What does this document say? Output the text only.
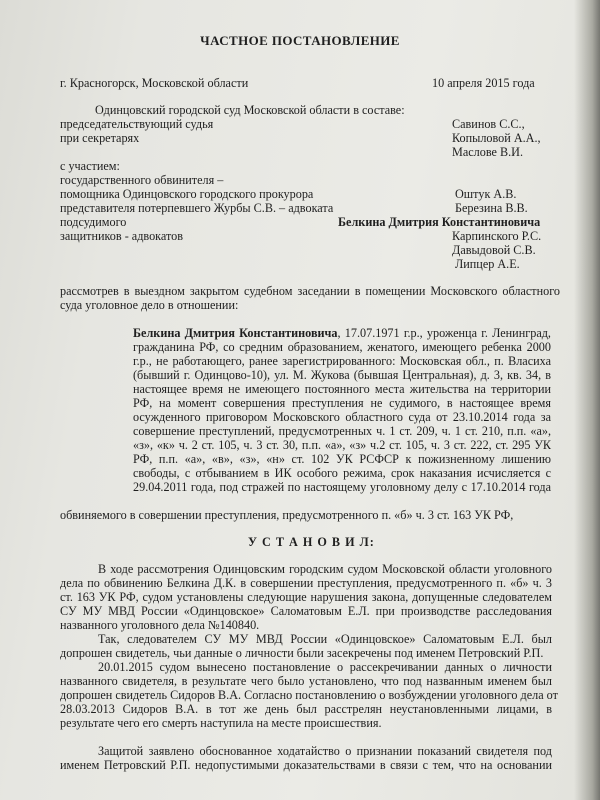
ЧАСТНОЕ ПОСТАНОВЛЕНИЕ
г. Красногорск, Московской области	10 апреля 2015 года
Одинцовский городской суд Московской области в составе:
председательствующий судья
при секретарях
Савинов С.С.,
Копыловой А.А.,
Маслове В.И.
с участием:
государственного обвинителя –
помощника Одинцовского городского прокурора
представителя потерпевшего Журбы С.В. – адвоката
подсудимого
защитников - адвокатов
Оштук А.В.
Березина В.В.
Белкина Дмитрия Константиновича
Карпинского Р.С.
Давыдовой С.В.
Липцер А.Е.
рассмотрев в выездном закрытом судебном заседании в помещении Московского областного
суда уголовное дело в отношении:
Белкина Дмитрия Константиновича, 17.07.1971 г.р., уроженца г. Ленинград,
гражданина РФ, со средним образованием, женатого, имеющего ребенка 2000
г.р., не работающего, ранее зарегистрированного: Московская обл., п. Власиха
(бывший г. Одинцово-10), ул. М. Жукова (бывшая Центральная), д. 3, кв. 34, в
настоящее время не имеющего постоянного места жительства на территории
РФ, на момент совершения преступления не судимого, в настоящее время
осужденного приговором Московского областного суда от 23.10.2014 года за
совершение преступлений, предусмотренных ч. 1 ст. 209, ч. 1 ст. 210, п.п. «а»,
«з», «к» ч. 2 ст. 105, ч. 3 ст. 30, п.п. «а», «з» ч.2 ст. 105, ч. 3 ст. 222, ст. 295 УК
РФ, п.п. «а», «в», «з», «н» ст. 102 УК РСФСР к пожизненному лишению
свободы, с отбыванием в ИК особого режима, срок наказания исчисляется с
29.04.2011 года, под стражей по настоящему уголовному делу с 17.10.2014 года
обвиняемого в совершении преступления, предусмотренного п. «б» ч. 3 ст. 163 УК РФ,
У С Т А Н О В И Л:
В ходе рассмотрения Одинцовским городским судом Московской области уголовного
дела по обвинению Белкина Д.К. в совершении преступления, предусмотренного п. «б» ч. 3
ст. 163 УК РФ, судом установлены следующие нарушения закона, допущенные следователем
СУ МУ МВД России «Одинцовское» Саломатовым Е.Л. при производстве расследования
названного уголовного дела №140840.
Так, следователем СУ МУ МВД России «Одинцовское» Саломатовым Е.Л. был
допрошен свидетель, чьи данные о личности были засекречены под именем Петровский Р.П.
20.01.2015 судом вынесено постановление о рассекречивании данных о личности
названного свидетеля, в результате чего было установлено, что под названным именем был
допрошен свидетель Сидоров В.А. Согласно постановлению о возбуждении уголовного дела от
28.03.2013 Сидоров В.А. в тот же день был расстрелян неустановленными лицами, в
результате чего его смерть наступила на месте происшествия.
Защитой заявлено обоснованное ходатайство о признании показаний свидетеля под
именем Петровский Р.П. недопустимыми доказательствами в связи с тем, что на основании
